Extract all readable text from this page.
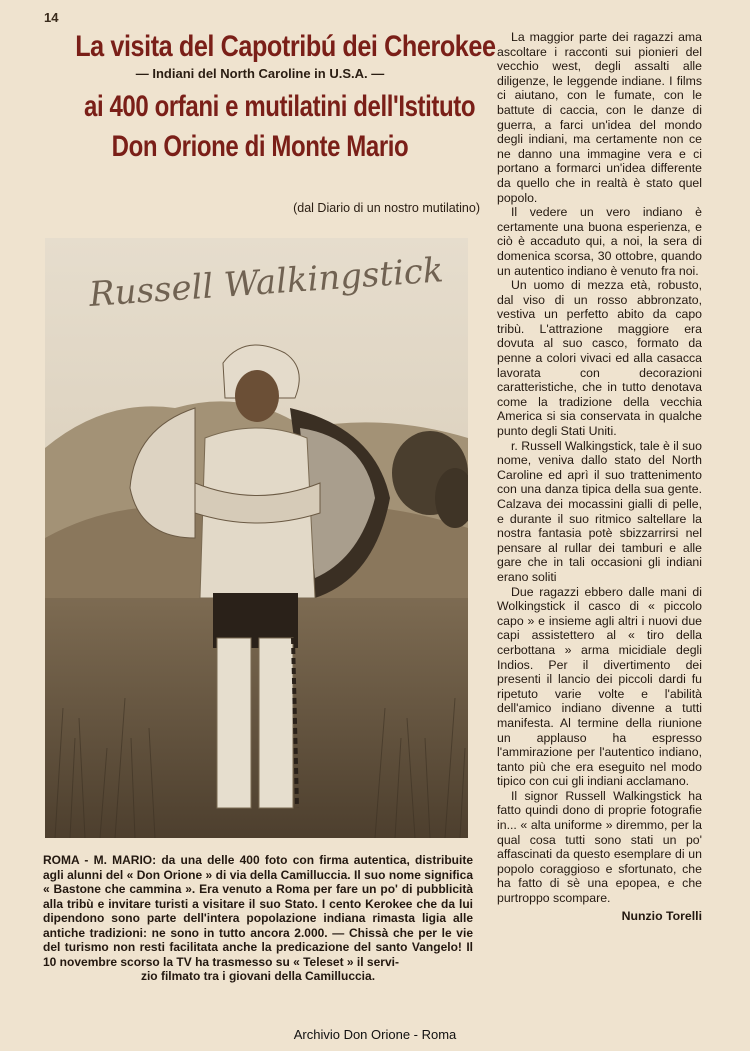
14
La visita del Capotribú dei Cherokee
— Indiani del North Caroline in U.S.A. —
ai 400 orfani e mutilatini dell'Istituto
Don Orione di Monte Mario
(dal Diario di un nostro mutilatino)
Russell Walkingstick
ROMA - M. MARIO: da una delle 400 foto con firma autentica, distribuite agli alunni del « Don Orione » di via della Camilluccia. Il suo nome significa « Bastone che cammina ». Era venuto a Roma per fare un po' di pubblicità alla tribù e invitare turisti a visitare il suo Stato. I cento Kerokee che da lui dipendono sono parte dell'intera popolazione indiana rimasta ligia alle antiche tradizioni: ne sono in tutto ancora 2.000. — Chissà che per le vie del turismo non resti facilitata anche la predicazione del santo Vangelo! Il 10 novembre scorso la TV ha trasmesso su « Teleset » il servi-
zio filmato tra i giovani della Camilluccia.

La maggior parte dei ragazzi ama ascoltare i racconti sui pionieri del vecchio west, degli assalti alle diligenze, le leggende indiane. I films ci aiutano, con le fumate, con le battute di caccia, con le danze di guerra, a farci un'idea del mondo degli indiani, ma certamente non ce ne danno una immagine vera e ci portano a formarci un'idea differente da quello che in realtà è stato quel popolo.

Il vedere un vero indiano è certamente una buona esperienza, e ciò è accaduto qui, a noi, la sera di domenica scorsa, 30 ottobre, quando un autentico indiano è venuto fra noi.

Un uomo di mezza età, robusto, dal viso di un rosso abbronzato, vestiva un perfetto abito da capo tribù. L'attrazione maggiore era dovuta al suo casco, formato da penne a colori vivaci ed alla casacca lavorata con decorazioni caratteristiche, che in tutto denotava come la tradizione della vecchia America si sia conservata in qualche punto degli Stati Uniti.

r. Russell Walkingstick, tale è il suo nome, veniva dallo stato del North Caroline ed aprì il suo trattenimento con una danza tipica della sua gente. Calzava dei mocassini gialli di pelle, e durante il suo ritmico saltellare la nostra fantasia potè sbizzarrirsi nel pensare al rullar dei tamburi e alle gare che in tali occasioni gli indiani erano soliti

Due ragazzi ebbero dalle mani di Wolkingstick il casco di « piccolo capo » e insieme agli altri i nuovi due capi assistettero al « tiro della cerbottana » arma micidiale degli Indios. Per il divertimento dei presenti il lancio dei piccoli dardi fu ripetuto varie volte e l'abilità dell'amico indiano divenne a tutti manifesta. Al termine della riunione un applauso ha espresso l'ammirazione per l'autentico indiano, tanto più che era eseguito nel modo tipico con cui gli indiani acclamano.

Il signor Russell Walkingstick ha fatto quindi dono di proprie fotografie in... « alta uniforme » diremmo, per la qual cosa tutti sono stati un po' affascinati da questo esemplare di un popolo coraggioso e sfortunato, che ha fatto di sè una epopea, e che purtroppo scompare.

Nunzio Torelli

Archivio Don Orione - Roma
